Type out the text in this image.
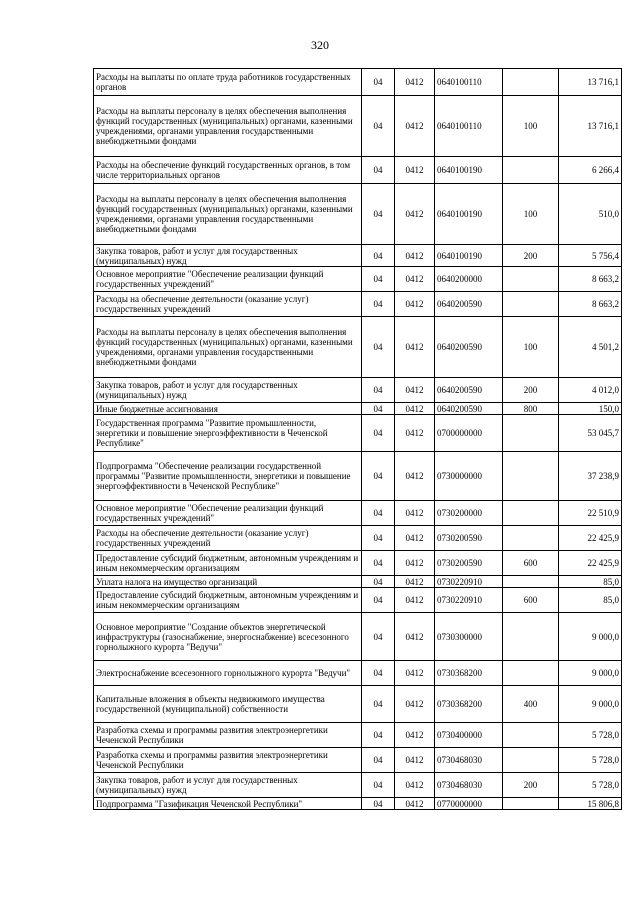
320
Расходы на выплаты по оплате труда работников государственных органов	04	0412	0640100110		13 716,1
Расходы на выплаты персоналу в целях обеспечения выполнения функций государственных (муниципальных) органами, казенными учреждениями, органами управления государственными внебюджетными фондами	04	0412	0640100110	100	13 716,1
Расходы на обеспечение функций государственных органов, в том числе территориальных органов	04	0412	0640100190		6 266,4
Расходы на выплаты персоналу в целях обеспечения выполнения функций государственных (муниципальных) органами, казенными учреждениями, органами управления государственными внебюджетными фондами	04	0412	0640100190	100	510,0
Закупка товаров, работ и услуг для государственных (муниципальных) нужд	04	0412	0640100190	200	5 756,4
Основное мероприятие "Обеспечение реализации функций государственных учреждений"	04	0412	0640200000		8 663,2
Расходы на обеспечение деятельности (оказание услуг) государственных учреждений	04	0412	0640200590		8 663,2
Расходы на выплаты персоналу в целях обеспечения выполнения функций государственных (муниципальных) органами, казенными учреждениями, органами управления государственными внебюджетными фондами	04	0412	0640200590	100	4 501,2
Закупка товаров, работ и услуг для государственных (муниципальных) нужд	04	0412	0640200590	200	4 012,0
Иные бюджетные ассигнования	04	0412	0640200590	800	150,0
Государственная программа "Развитие промышленности, энергетики и повышение энергоэффективности в Чеченской Республике"	04	0412	0700000000		53 045,7
Подпрограмма "Обеспечение реализации государственной программы "Развитие промышленности, энергетики и повышение энергоэффективности в Чеченской Республике"	04	0412	0730000000		37 238,9
Основное мероприятие "Обеспечение реализации функций государственных учреждений"	04	0412	0730200000		22 510,9
Расходы на обеспечение деятельности (оказание услуг) государственных учреждений	04	0412	0730200590		22 425,9
Предоставление субсидий бюджетным, автономным учреждениям и иным некоммерческим организациям	04	0412	0730200590	600	22 425,9
Уплата налога на имущество организаций	04	0412	0730220910		85,0
Предоставление субсидий бюджетным, автономным учреждениям и иным некоммерческим организациям	04	0412	0730220910	600	85,0
Основное мероприятие "Создание объектов энергетической инфраструктуры (газоснабжение, энергоснабжение) всесезонного горнолыжного курорта "Ведучи"	04	0412	0730300000		9 000,0
Электроснабжение всесезонного горнолыжного курорта "Ведучи"	04	0412	0730368200		9 000,0
Капитальные вложения в объекты недвижимого имущества государственной (муниципальной) собственности	04	0412	0730368200	400	9 000,0
Разработка схемы и программы развития электроэнергетики Чеченской Республики	04	0412	0730400000		5 728,0
Разработка схемы и программы развития электроэнергетики Чеченской Республики	04	0412	0730468030		5 728,0
Закупка товаров, работ и услуг для государственных (муниципальных) нужд	04	0412	0730468030	200	5 728,0
Подпрограмма "Газификация Чеченской Республики"	04	0412	0770000000		15 806,8
